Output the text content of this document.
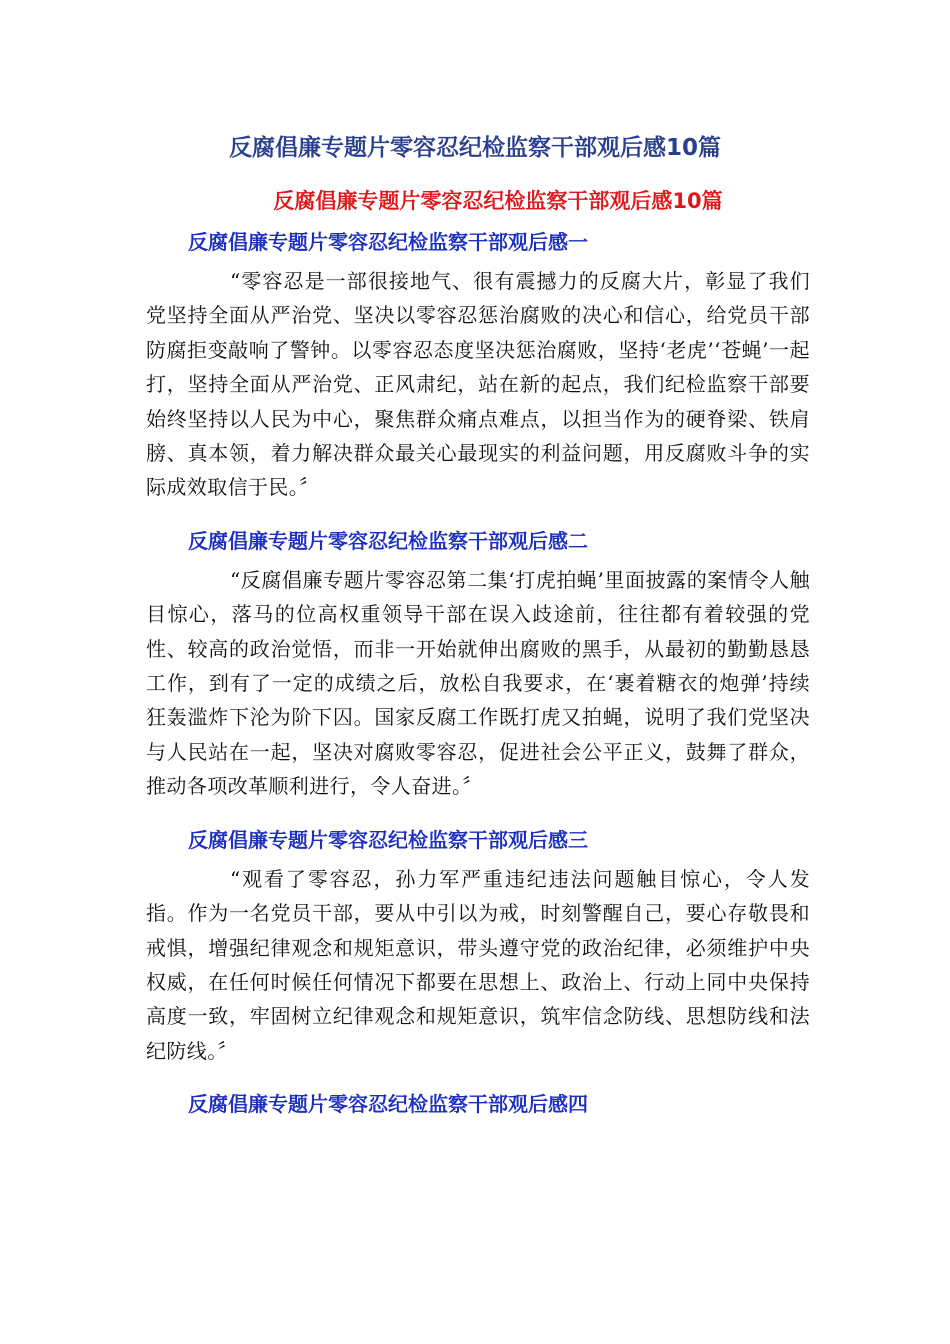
反腐倡廉专题片零容忍纪检监察干部观后感10篇
反腐倡廉专题片零容忍纪检监察干部观后感10篇
反腐倡廉专题片零容忍纪检监察干部观后感一

“零容忍是一部很接地气、很有震撼力的反腐大片，彰显了我们党坚持全面从严治党、坚决以零容忍惩治腐败的决心和信心，给党员干部防腐拒变敲响了警钟。以零容忍态度坚决惩治腐败，坚持‘老虎’‘苍蝇’一起打，坚持全面从严治党、正风肃纪，站在新的起点，我们纪检监察干部要始终坚持以人民为中心，聚焦群众痛点难点，以担当作为的硬脊梁、铁肩膀、真本领，着力解决群众最关心最现实的利益问题，用反腐败斗争的实际成效取信于民。〞

反腐倡廉专题片零容忍纪检监察干部观后感二

“反腐倡廉专题片零容忍第二集‘打虎拍蝇’里面披露的案情令人触目惊心，落马的位高权重领导干部在误入歧途前，往往都有着较强的党性、较高的政治觉悟，而非一开始就伸出腐败的黑手，从最初的勤勤恳恳工作，到有了一定的成绩之后，放松自我要求，在‘裹着糖衣的炮弹’持续狂轰滥炸下沦为阶下囚。国家反腐工作既打虎又拍蝇，说明了我们党坚决与人民站在一起，坚决对腐败零容忍，促进社会公平正义，鼓舞了群众，推动各项改革顺利进行，令人奋进。〞

反腐倡廉专题片零容忍纪检监察干部观后感三

“观看了零容忍，孙力军严重违纪违法问题触目惊心，令人发指。作为一名党员干部，要从中引以为戒，时刻警醒自己，要心存敬畏和戒惧，增强纪律观念和规矩意识，带头遵守党的政治纪律，必须维护中央权威，在任何时候任何情况下都要在思想上、政治上、行动上同中央保持高度一致，牢固树立纪律观念和规矩意识，筑牢信念防线、思想防线和法纪防线。〞

反腐倡廉专题片零容忍纪检监察干部观后感四
